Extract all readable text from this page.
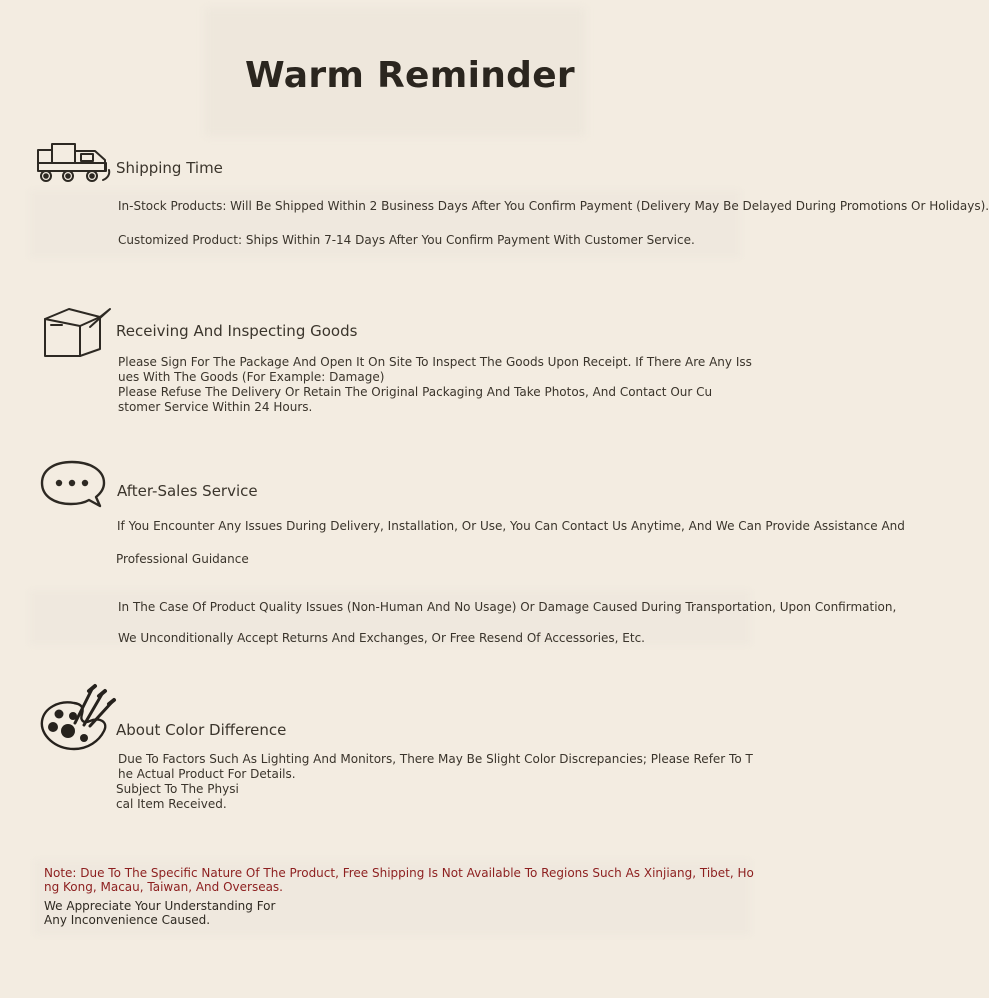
Warm Reminder
Shipping Time
In-Stock Products: Will Be Shipped Within 2 Business Days After You Confirm Payment (Delivery May Be Delayed During Promotions Or Holidays).
Customized Product: Ships Within 7-14 Days After You Confirm Payment With Customer Service.
Receiving And Inspecting Goods
Please Sign For The Package And Open It On Site To Inspect The Goods Upon Receipt. If There Are Any Issues With The Goods (For Example: Damage)
Please Refuse The Delivery Or Retain The Original Packaging And Take Photos, And Contact Our Customer Service Within 24 Hours.
After-Sales Service
If You Encounter Any Issues During Delivery, Installation, Or Use, You Can Contact Us Anytime, And We Can Provide Assistance And
Professional Guidance
In The Case Of Product Quality Issues (Non-Human And No Usage) Or Damage Caused During Transportation, Upon Confirmation,
We Unconditionally Accept Returns And Exchanges, Or Free Resend Of Accessories, Etc.
About Color Difference
Due To Factors Such As Lighting And Monitors, There May Be Slight Color Discrepancies; Please Refer To The Actual Product For Details.
Subject To The Physical Item Received.
Note: Due To The Specific Nature Of The Product, Free Shipping Is Not Available To Regions Such As Xinjiang, Tibet, Hong Kong, Macau, Taiwan, And Overseas.
We Appreciate Your Understanding For Any Inconvenience Caused.
